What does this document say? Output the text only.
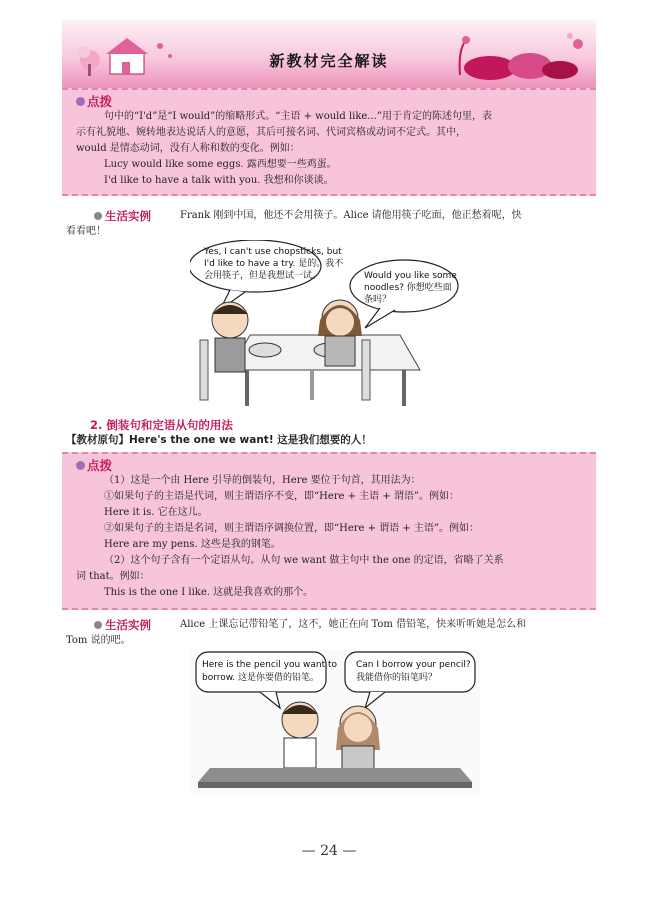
新教材完全解读
点拨
句中的“I'd”是“I would”的缩略形式。“主语 + would like...”用于肯定的陈述句里，表
示有礼貌地、婉转地表达说话人的意愿，其后可接名词、代词宾格或动词不定式。其中，
would 是情态动词，没有人称和数的变化。例如：
Lucy would like some eggs. 露西想要一些鸡蛋。
I'd like to have a talk with you. 我想和你谈谈。
生活实例	Frank 刚到中国，他还不会用筷子。Alice 请他用筷子吃面，他正愁着呢，快
看看吧！
Yes, I can't use chopsticks, but
I'd like to have a try. 是的。我不
会用筷子，但是我想试一试。	Would you like some
noodles? 你想吃些面
条吗？
2. 倒装句和定语从句的用法
【教材原句】Here's the one we want! 这是我们想要的人！
点拨
（1）这是一个由 Here 引导的倒装句，Here 要位于句首，其用法为：
①如果句子的主语是代词，则主谓语序不变，即“Here + 主语 + 谓语”。例如：
Here it is. 它在这儿。
②如果句子的主语是名词，则主谓语序调换位置，即“Here + 谓语 + 主语”。例如：
Here are my pens. 这些是我的钢笔。
（2）这个句子含有一个定语从句。从句 we want 做主句中 the one 的定语，省略了关系
词 that。例如：
This is the one I like. 这就是我喜欢的那个。
生活实例	Alice 上课忘记带铅笔了，这不，她正在向 Tom 借铅笔，快来听听她是怎么和
Tom 说的吧。
Here is the pencil you want to
borrow. 这是你要借的铅笔。
Can I borrow your pencil?
我能借你的铅笔吗？
— 24 —
